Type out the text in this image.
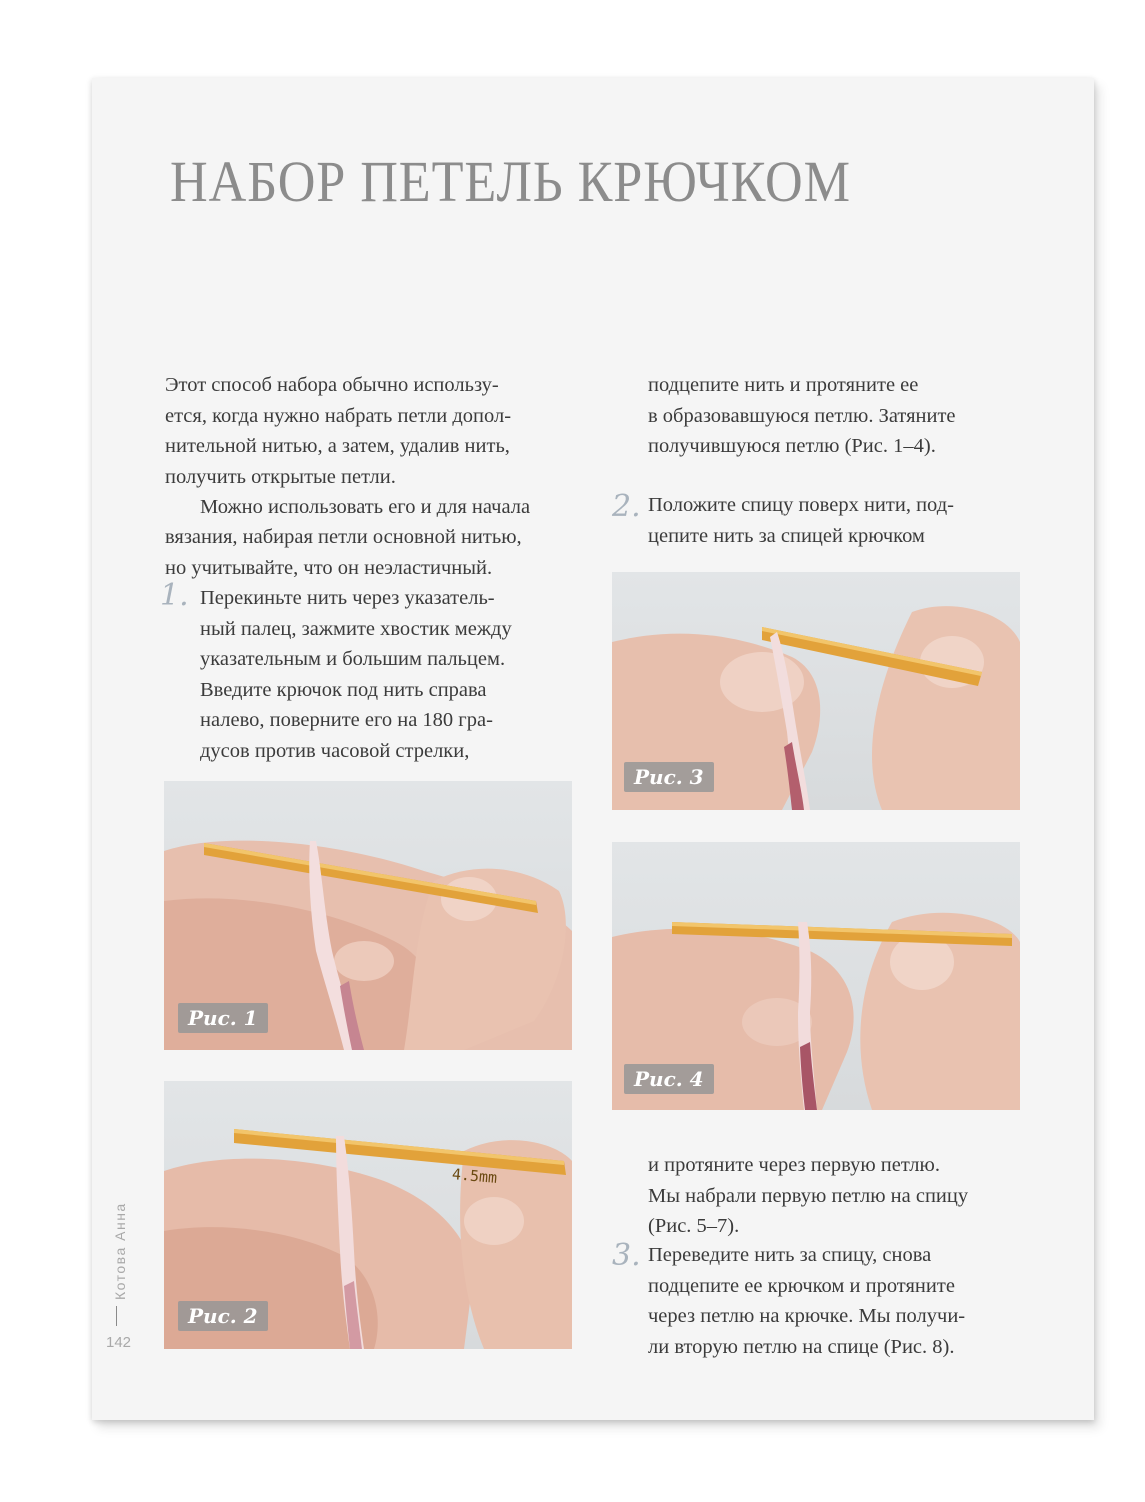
НАБОР ПЕТЕЛЬ КРЮЧКОМ
Этот способ набора обычно использу-
ется, когда нужно набрать петли допол-
нительной нитью, а затем, удалив нить,
получить открытые петли.
Можно использовать его и для начала
вязания, набирая петли основной нитью,
но учитывайте, что он неэластичный.
1. Перекиньте нить через указатель-
ный палец, зажмите хвостик между
указательным и большим пальцем.
Введите крючок под нить справа
налево, поверните его на 180 гра-
дусов против часовой стрелки,
подцепите нить и протяните ее
в образовавшуюся петлю. Затяните
получившуюся петлю (Рис. 1–4).
2. Положите спицу поверх нити, под-
цепите нить за спицей крючком
и протяните через первую петлю.
Мы набрали первую петлю на спицу
(Рис. 5–7).
3. Переведите нить за спицу, снова
подцепите ее крючком и протяните
через петлю на крючке. Мы получи-
ли вторую петлю на спице (Рис. 8).
Рис. 1
4.5mm
Рис. 2
Рис. 3
Рис. 4
Котова Анна
142
